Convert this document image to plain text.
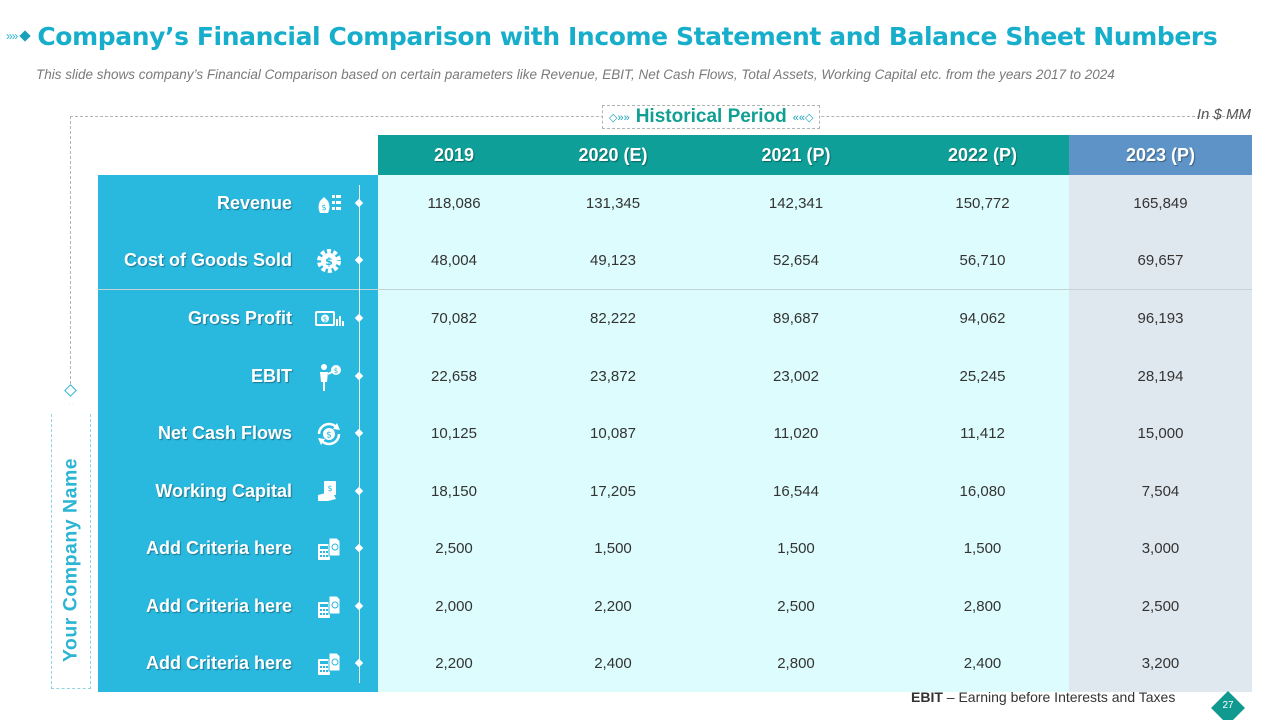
»» Company’s Financial Comparison with Income Statement and Balance Sheet Numbers
This slide shows company’s Financial Comparison based on certain parameters like Revenue, EBIT, Net Cash Flows, Total Assets, Working Capital etc. from the years 2017 to 2024
◇»» Historical Period ««◇	In $ MM
Your Company Name
2019	2020 (E)	2021 (P)	2022 (P)	2023 (P)
Revenue	$	118,086	131,345	142,341	150,772	165,849
Cost of Goods Sold	$	48,004	49,123	52,654	56,710	69,657
Gross Profit	$	70,082	82,222	89,687	94,062	96,193
EBIT	$	22,658	23,872	23,002	25,245	28,194
Net Cash Flows	$	10,125	10,087	11,020	11,412	15,000
Working Capital	$	18,150	17,205	16,544	16,080	7,504
Add Criteria here	2,500	1,500	1,500	1,500	3,000
Add Criteria here	2,000	2,200	2,500	2,800	2,500
Add Criteria here	2,200	2,400	2,800	2,400	3,200
EBIT – Earning before Interests and Taxes
27
